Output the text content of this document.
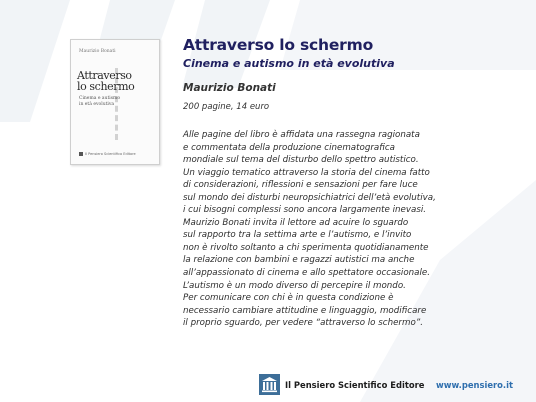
Maurizio Bonati
Attraverso
lo schermo
Cinema e autismo
in età evolutiva
Il Pensiero Scientifico Editore
Attraverso lo schermo
Cinema e autismo in età evolutiva

Maurizio Bonati

200 pagine, 14 euro

Alle pagine del libro è affidata una rassegna ragionata
e commentata della produzione cinematografica
mondiale sul tema del disturbo dello spettro autistico.
Un viaggio tematico attraverso la storia del cinema fatto
di considerazioni, riflessioni e sensazioni per fare luce
sul mondo dei disturbi neuropsichiatrici dell’età evolutiva,
i cui bisogni complessi sono ancora largamente inevasi.
Maurizio Bonati invita il lettore ad acuire lo sguardo
sul rapporto tra la settima arte e l’autismo, e l’invito
non è rivolto soltanto a chi sperimenta quotidianamente
la relazione con bambini e ragazzi autistici ma anche
all’appassionato di cinema e allo spettatore occasionale.
L’autismo è un modo diverso di percepire il mondo.
Per comunicare con chi è in questa condizione è
necessario cambiare attitudine e linguaggio, modificare
il proprio sguardo, per vedere “attraverso lo schermo”.

Il Pensiero Scientifico Editore www.pensiero.it
